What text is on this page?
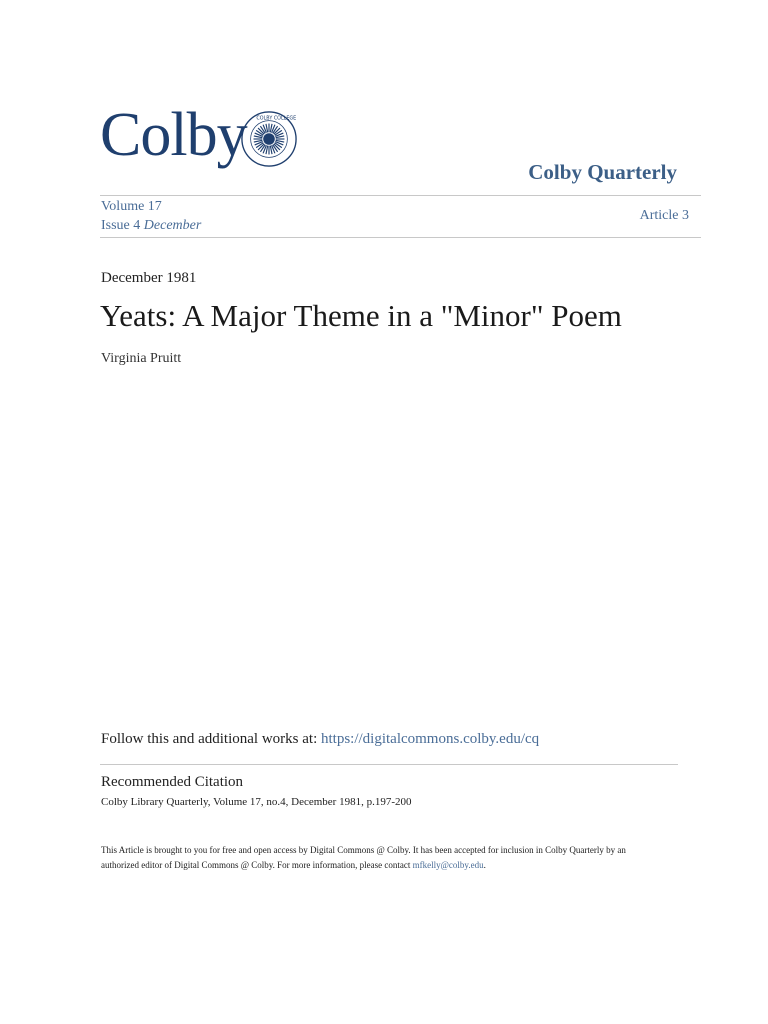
Colby COLBY COLLEGE
Colby Quarterly
Volume 17
Issue 4 December
Article 3
December 1981
Yeats: A Major Theme in a "Minor" Poem
Virginia Pruitt
Follow this and additional works at: https://digitalcommons.colby.edu/cq
Recommended Citation
Colby Library Quarterly, Volume 17, no.4, December 1981, p.197-200
This Article is brought to you for free and open access by Digital Commons @ Colby. It has been accepted for inclusion in Colby Quarterly by an authorized editor of Digital Commons @ Colby. For more information, please contact mfkelly@colby.edu.
